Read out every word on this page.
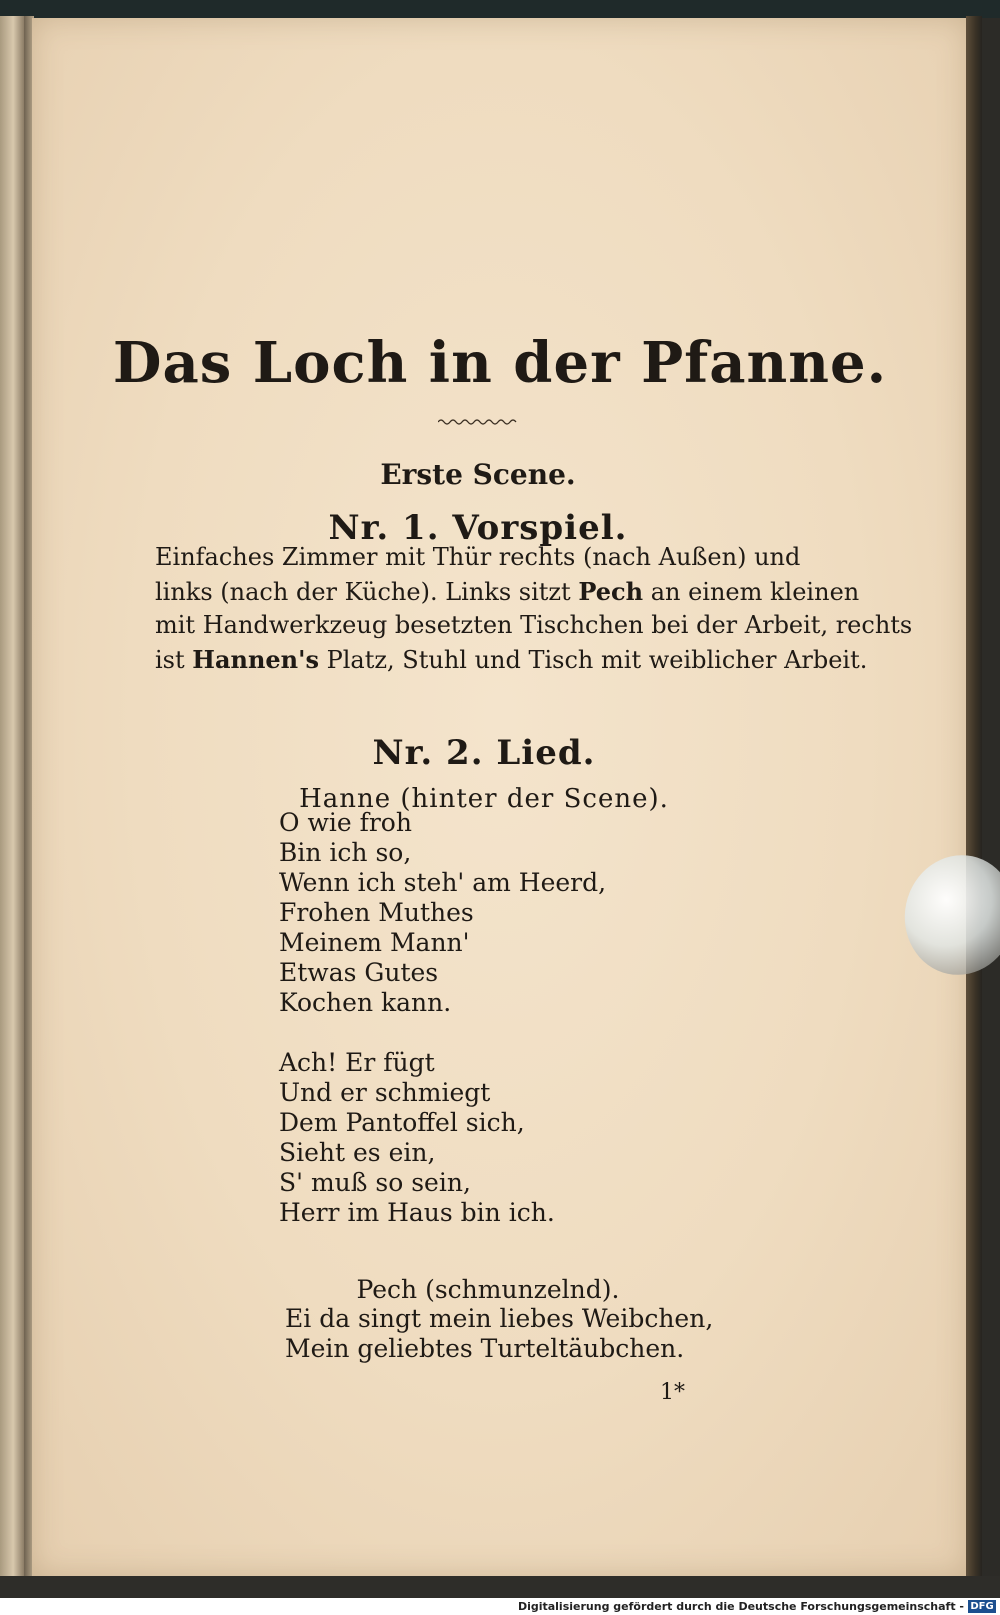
Das Loch in der Pfanne.
Erste Scene.
Nr. 1. Vorspiel.
Einfaches Zimmer mit Thür rechts (nach Außen) und
links (nach der Küche). Links sitzt Pech an einem kleinen
mit Handwerkzeug besetzten Tischchen bei der Arbeit, rechts
ist Hannen's Platz, Stuhl und Tisch mit weiblicher Arbeit.
Nr. 2. Lied.
Hanne (hinter der Scene).
O wie froh
Bin ich so,
Wenn ich steh' am Heerd,
Frohen Muthes
Meinem Mann'
Etwas Gutes
Kochen kann.
Ach! Er fügt
Und er schmiegt
Dem Pantoffel sich,
Sieht es ein,
S' muß so sein,
Herr im Haus bin ich.
Pech (schmunzelnd).
Ei da singt mein liebes Weibchen,
Mein geliebtes Turteltäubchen.
1*
Digitalisierung gefördert durch die Deutsche Forschungsgemeinschaft - DFG
